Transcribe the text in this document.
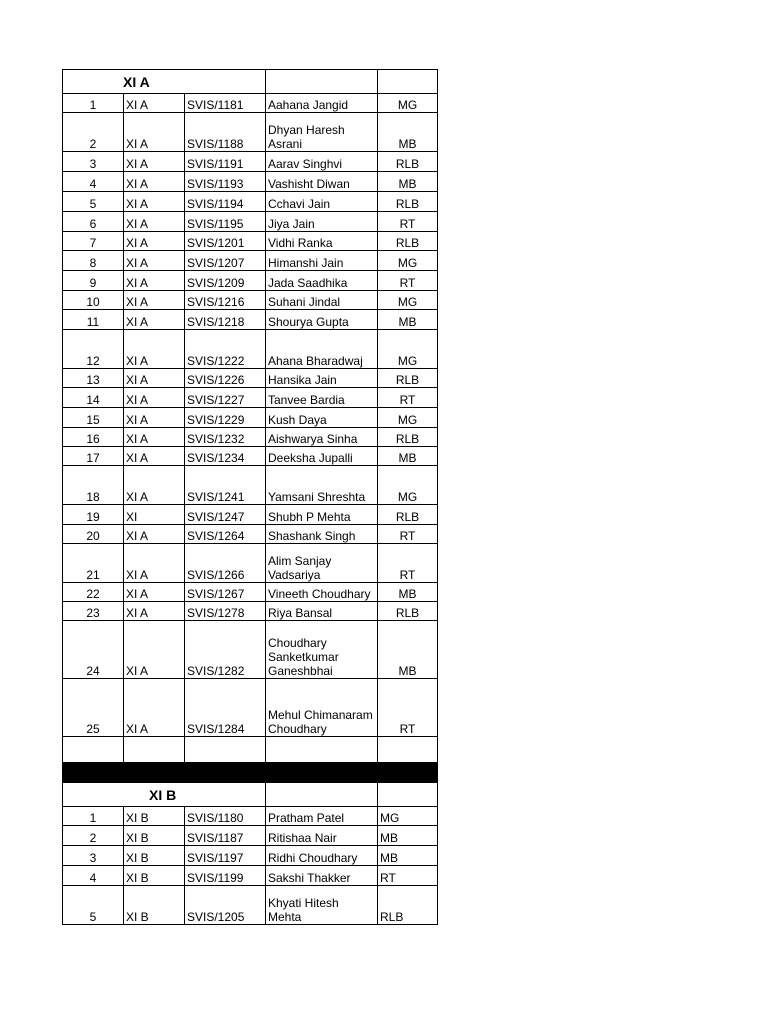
XI A				
1	XI A	SVIS/1181	Aahana Jangid	MG
2	XI A	SVIS/1188	Dhyan Haresh Asrani	MB
3	XI A	SVIS/1191	Aarav Singhvi	RLB
4	XI A	SVIS/1193	Vashisht Diwan	MB
5	XI A	SVIS/1194	Cchavi Jain	RLB
6	XI A	SVIS/1195	Jiya Jain	RT
7	XI A	SVIS/1201	Vidhi Ranka	RLB
8	XI A	SVIS/1207	Himanshi Jain	MG
9	XI A	SVIS/1209	Jada Saadhika	RT
10	XI A	SVIS/1216	Suhani Jindal	MG
11	XI A	SVIS/1218	Shourya Gupta	MB
12	XI A	SVIS/1222	Ahana Bharadwaj	MG
13	XI A	SVIS/1226	Hansika Jain	RLB
14	XI A	SVIS/1227	Tanvee Bardia	RT
15	XI A	SVIS/1229	Kush Daya	MG
16	XI A	SVIS/1232	Aishwarya Sinha	RLB
17	XI A	SVIS/1234	Deeksha Jupalli	MB
18	XI A	SVIS/1241	Yamsani Shreshta	MG
19	XI	SVIS/1247	Shubh P Mehta	RLB
20	XI A	SVIS/1264	Shashank Singh	RT
21	XI A	SVIS/1266	Alim Sanjay Vadsariya	RT
22	XI A	SVIS/1267	Vineeth Choudhary	MB
23	XI A	SVIS/1278	Riya Bansal	RLB
24	XI A	SVIS/1282	Choudhary Sanketkumar Ganeshbhai	MB
25	XI A	SVIS/1284	Mehul Chimanaram Choudhary	RT

XI B				
1	XI B	SVIS/1180	Pratham Patel	MG
2	XI B	SVIS/1187	Ritishaa Nair	MB
3	XI B	SVIS/1197	Ridhi Choudhary	MB
4	XI B	SVIS/1199	Sakshi Thakker	RT
5	XI B	SVIS/1205	Khyati Hitesh Mehta	RLB
